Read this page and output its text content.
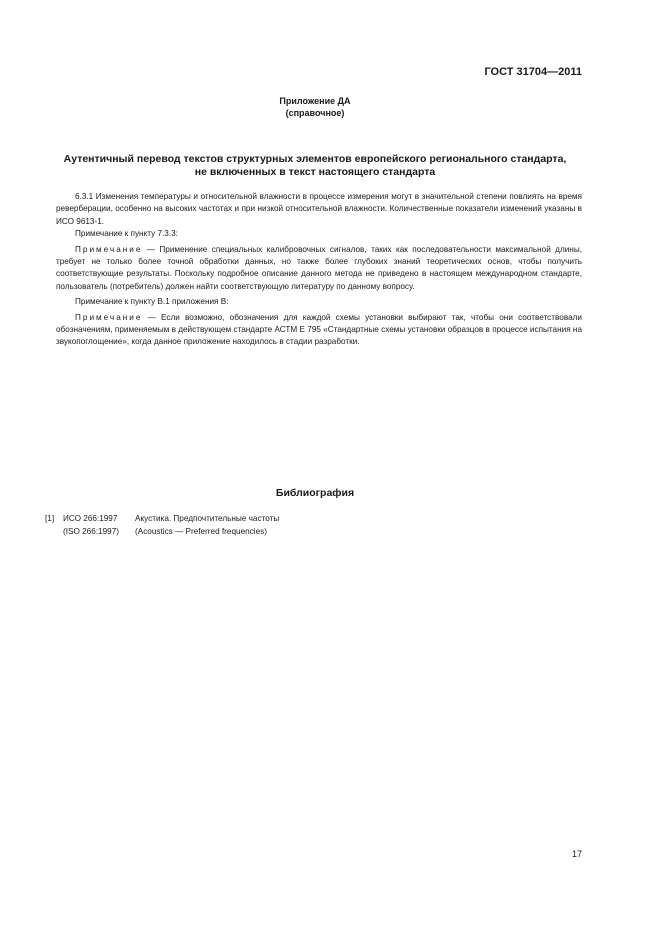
ГОСТ 31704—2011
Приложение ДА
(справочное)
Аутентичный перевод текстов структурных элементов европейского регионального стандарта,
не включенных в текст настоящего стандарта

6.3.1 Изменения температуры и относительной влажности в процессе измерения могут в значительной степени повлиять на время реверберации, особенно на высоких частотах и при низкой относительной влажности. Количественные показатели изменений указаны в ИСО 9613-1.

Примечание к пункту 7.3.3:

Примечание — Применение специальных калибровочных сигналов, таких как последовательности максимальной длины, требует не только более точной обработки данных, но также более глубоких знаний теоретических основ, чтобы получить соответствующие результаты. Поскольку подробное описание данного метода не приведено в настоящем международном стандарте, пользователь (потребитель) должен найти соответствующую литературу по данному вопросу.

Примечание к пункту В.1 приложения В:

Примечание — Если возможно, обозначения для каждой схемы установки выбирают так, чтобы они соответствовали обозначениям, применяемым в действующем стандарте АСТМ Е 795 «Стандартные схемы установки образцов в процессе испытания на звукопоглощение», когда данное приложение находилось в стадии разработки.

Библиография
[1] ИСО 266:1997 Акустика. Предпочтительные частоты
(ISO 266:1997) (Acoustics — Preferred frequencies)
17
